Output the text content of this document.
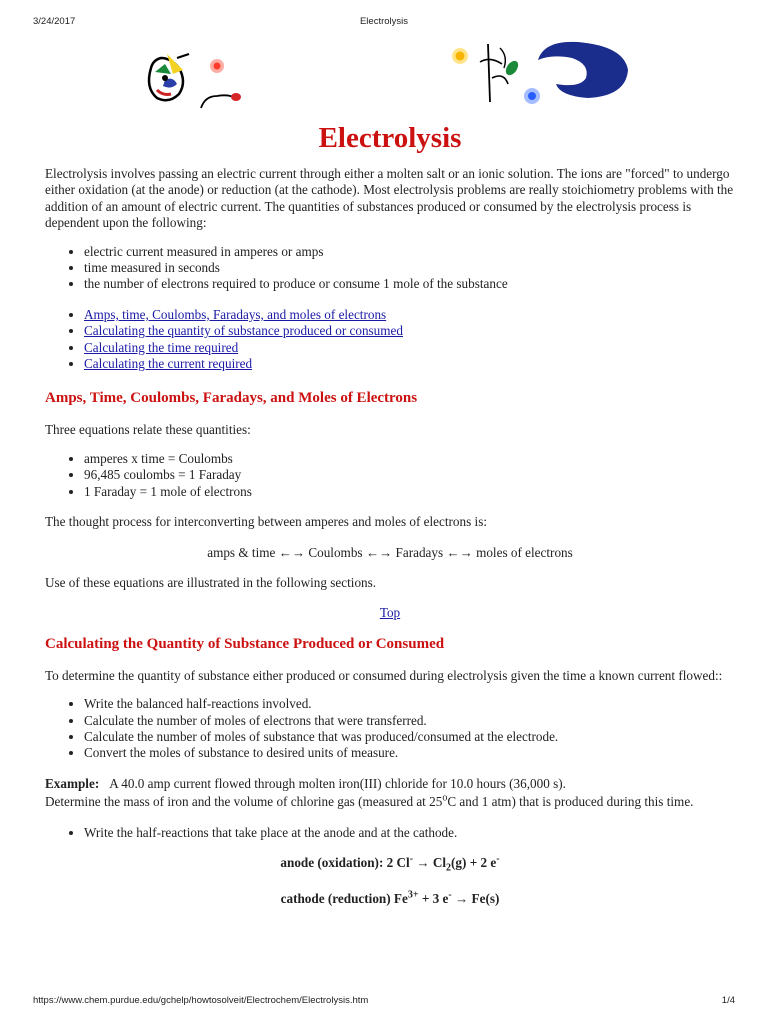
3/24/2017	Electrolysis
Electrolysis

Electrolysis involves passing an electric current through either a molten salt or an ionic solution. The ions are "forced" to undergo either oxidation (at the anode) or reduction (at the cathode). Most electrolysis problems are really stoichiometry problems with the addition of an amount of electric current. The quantities of substances produced or consumed by the electrolysis process is dependent upon the following:

• electric current measured in amperes or amps
• time measured in seconds
• the number of electrons required to produce or consume 1 mole of the substance
• Amps, time, Coulombs, Faradays, and moles of electrons
• Calculating the quantity of substance produced or consumed
• Calculating the time required
• Calculating the current required
Amps, Time, Coulombs, Faradays, and Moles of Electrons

Three equations relate these quantities:

• amperes x time = Coulombs
• 96,485 coulombs = 1 Faraday
• 1 Faraday = 1 mole of electrons

The thought process for interconverting between amperes and moles of electrons is:

amps & time ←→ Coulombs ←→ Faradays ←→ moles of electrons

Use of these equations are illustrated in the following sections.

Top

Calculating the Quantity of Substance Produced or Consumed

To determine the quantity of substance either produced or consumed during electrolysis given the time a known current flowed::

• Write the balanced half-reactions involved.
• Calculate the number of moles of electrons that were transferred.
• Calculate the number of moles of substance that was produced/consumed at the electrode.
• Convert the moles of substance to desired units of measure.

Example: A 40.0 amp current flowed through molten iron(III) chloride for 10.0 hours (36,000 s).

Determine the mass of iron and the volume of chlorine gas (measured at 25$^o$C and 1 atm) that is produced during this time.

• Write the half-reactions that take place at the anode and at the cathode.

anode (oxidation): 2 $Cl^- \to Cl_2(g) + 2$ e-

cathode (reduction) $Fe^{3+} + 3$ e- → Fe(s)

https://www.chem.purdue.edu/gchelp/howtosolveit/Electrochem/Electrolysis.htm	1/4
